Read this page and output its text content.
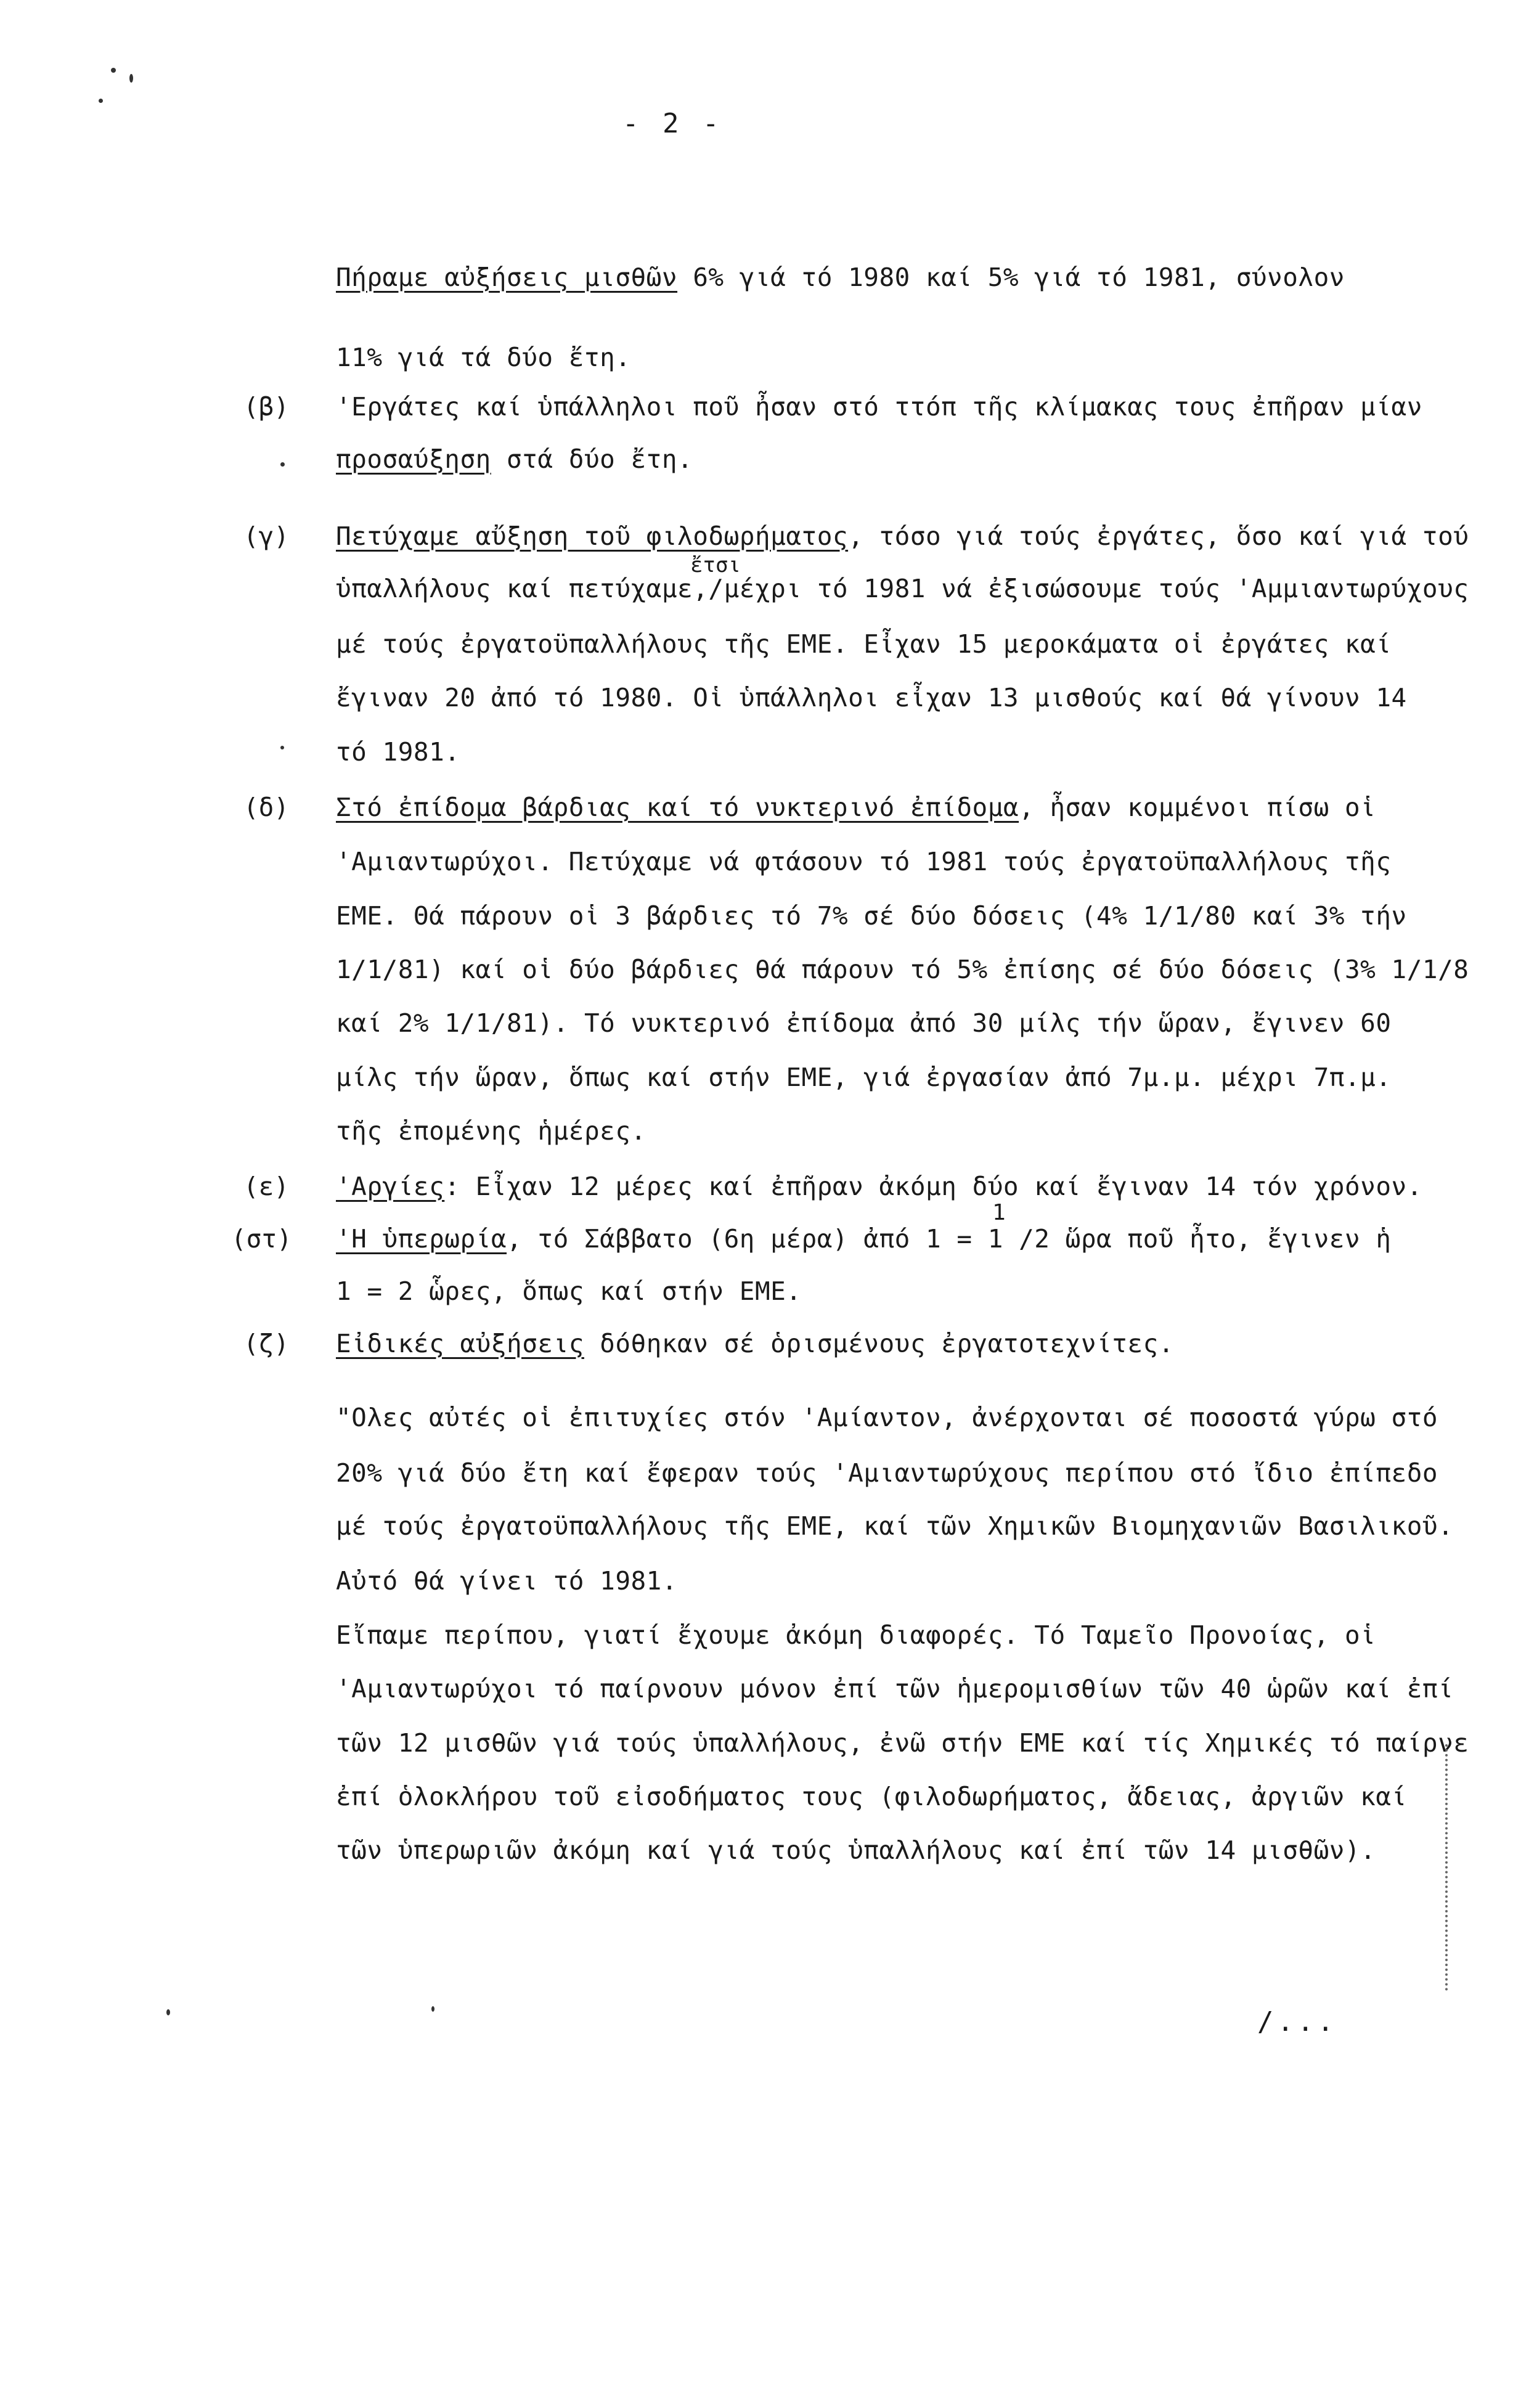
- 2 -
(β)
(γ)
(δ)
(ε)
(στ)
(ζ)
ἔτσι
1
Πήραμε αὐξήσεις μισθῶν 6% γιά τό 1980 καί 5% γιά τό 1981, σύνολον
11% γιά τά δύο ἔτη.
'Εργάτες καί ὑπάλληλοι ποῦ ἦσαν στό ττόπ τῆς κλίμακας τους ἐπῆραν μίαν
προσαύξηση στά δύο ἔτη.
Πετύχαμε αὔξηση τοῦ φιλοδωρήματος, τόσο γιά τούς ἐργάτες, ὅσο καί γιά τού
ὑπαλλήλους καί πετύχαμε,/μέχρι τό 1981 νά ἐξισώσουμε τούς 'Αμμιαντωρύχους
μέ τούς ἐργατοϋπαλλήλους τῆς ΕΜΕ. Εἶχαν 15 μεροκάματα οἱ ἐργάτες καί
ἔγιναν 20 ἀπό τό 1980. Οἱ ὑπάλληλοι εἶχαν 13 μισθούς καί θά γίνουν 14
τό 1981.
Στό ἐπίδομα βάρδιας καί τό νυκτερινό ἐπίδομα, ἦσαν κομμένοι πίσω οἱ
'Αμιαντωρύχοι. Πετύχαμε νά φτάσουν τό 1981 τούς ἐργατοϋπαλλήλους τῆς
ΕΜΕ. Θά πάρουν οἱ 3 βάρδιες τό 7% σέ δύο δόσεις (4% 1/1/80 καί 3% τήν
1/1/81) καί οἱ δύο βάρδιες θά πάρουν τό 5% ἐπίσης σέ δύο δόσεις (3% 1/1/8
καί 2% 1/1/81). Τό νυκτερινό ἐπίδομα ἀπό 30 μίλς τήν ὥραν, ἔγινεν 60
μίλς τήν ὥραν, ὅπως καί στήν ΕΜΕ, γιά ἐργασίαν ἀπό 7μ.μ. μέχρι 7π.μ.
τῆς ἐπομένης ἡμέρες.
'Αργίες: Εἶχαν 12 μέρες καί ἐπῆραν ἀκόμη δύο καί ἔγιναν 14 τόν χρόνον.
'Η ὑπερωρία, τό Σάββατο (6η μέρα) ἀπό 1 = 1 /2 ὥρα ποῦ ἦτο, ἔγινεν ἡ
1 = 2 ὧρες, ὅπως καί στήν ΕΜΕ.
Εἰδικές αὐξήσεις δόθηκαν σέ ὁρισμένους ἐργατοτεχνίτες.
"Ολες αὐτές οἱ ἐπιτυχίες στόν 'Αμίαντον, ἀνέρχονται σέ ποσοστά γύρω στό
20% γιά δύο ἔτη καί ἔφεραν τούς 'Αμιαντωρύχους περίπου στό ἴδιο ἐπίπεδο
μέ τούς ἐργατοϋπαλλήλους τῆς ΕΜΕ, καί τῶν Χημικῶν Βιομηχανιῶν Βασιλικοῦ.
Αὐτό θά γίνει τό 1981.
Εἴπαμε περίπου, γιατί ἔχουμε ἀκόμη διαφορές. Τό Ταμεῖο Προνοίας, οἱ
'Αμιαντωρύχοι τό παίρνουν μόνον ἐπί τῶν ἡμερομισθίων τῶν 40 ὡρῶν καί ἐπί
τῶν 12 μισθῶν γιά τούς ὑπαλλήλους, ἐνῶ στήν ΕΜΕ καί τίς Χημικές τό παίρνε
ἐπί ὁλοκλήρου τοῦ εἰσοδήματος τους (φιλοδωρήματος, ἄδειας, ἀργιῶν καί
τῶν ὑπερωριῶν ἀκόμη καί γιά τούς ὑπαλλήλους καί ἐπί τῶν 14 μισθῶν).
/...
